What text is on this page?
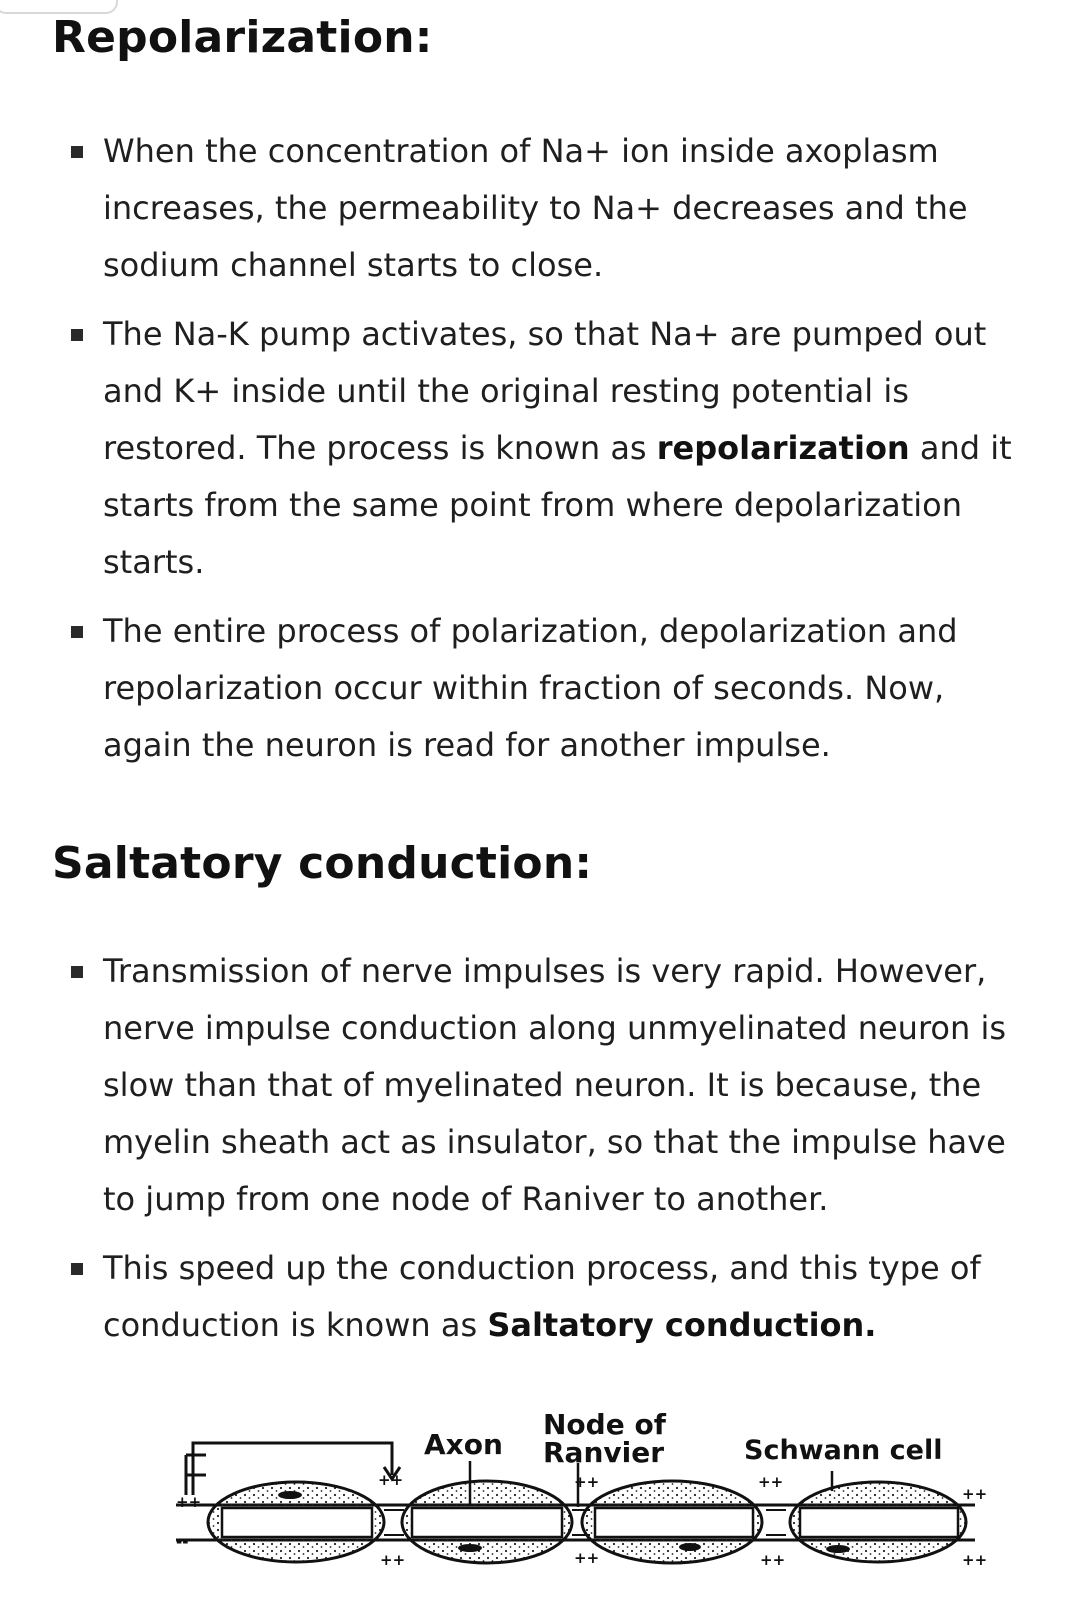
Repolarization:
When the concentration of Na+ ion inside axoplasm increases, the permeability to Na+ decreases and the sodium channel starts to close.
The Na-K pump activates, so that Na+ are pumped out and K+ inside until the original resting potential is restored. The process is known as repolarization and it starts from the same point from where depolarization starts.
The entire process of polarization, depolarization and repolarization occur within fraction of seconds. Now, again the neuron is read for another impulse.
Saltatory conduction:
Transmission of nerve impulses is very rapid. However, nerve impulse conduction along unmyelinated neuron is slow than that of myelinated neuron. It is because, the myelin sheath act as insulator, so that the impulse have to jump from one node of Raniver to another.
This speed up the conduction process, and this type of conduction is known as Saltatory conduction.
++
--
++
++
++
++
++
++
++
++
Axon
Node of
Ranvier	Schwann cell
